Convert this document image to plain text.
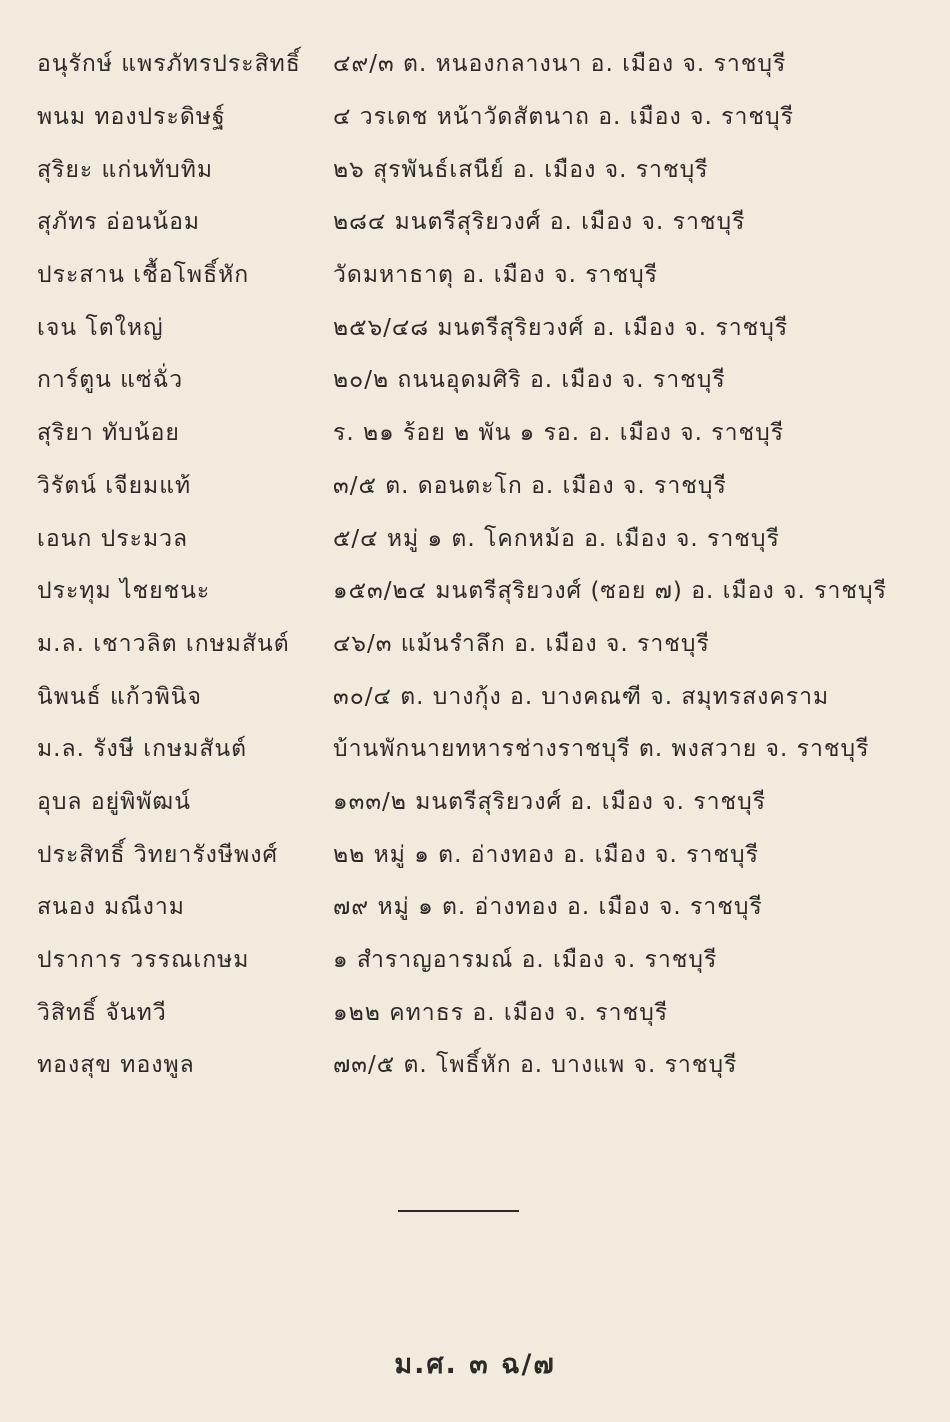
อนุรักษ์ แพรภัทรประสิทธิ์	๔๙/๓ ต. หนองกลางนา อ. เมือง จ. ราชบุรี
พนม ทองประดิษฐ์	๔ วรเดช หน้าวัดสัตนาถ อ. เมือง จ. ราชบุรี
สุริยะ แก่นทับทิม	๒๖ สุรพันธ์เสนีย์ อ. เมือง จ. ราชบุรี
สุภัทร อ่อนน้อม	๒๘๔ มนตรีสุริยวงศ์ อ. เมือง จ. ราชบุรี
ประสาน เชื้อโพธิ์หัก	วัดมหาธาตุ อ. เมือง จ. ราชบุรี
เจน โตใหญ่	๒๕๖/๔๘ มนตรีสุริยวงศ์ อ. เมือง จ. ราชบุรี
การ์ตูน แซ่ฉั่ว	๒๐/๒ ถนนอุดมศิริ อ. เมือง จ. ราชบุรี
สุริยา ทับน้อย	ร. ๒๑ ร้อย ๒ พัน ๑ รอ. อ. เมือง จ. ราชบุรี
วิรัตน์ เจียมแท้	๓/๕ ต. ดอนตะโก อ. เมือง จ. ราชบุรี
เอนก ประมวล	๕/๔ หมู่ ๑ ต. โคกหม้อ อ. เมือง จ. ราชบุรี
ประทุม ไชยชนะ	๑๕๓/๒๔ มนตรีสุริยวงศ์ (ซอย ๗) อ. เมือง จ. ราชบุรี
ม.ล. เชาวลิต เกษมสันต์	๔๖/๓ แม้นรำลึก อ. เมือง จ. ราชบุรี
นิพนธ์ แก้วพินิจ	๓๐/๔ ต. บางกุ้ง อ. บางคณฑี จ. สมุทรสงคราม
ม.ล. รังษี เกษมสันต์	บ้านพักนายทหารช่างราชบุรี ต. พงสวาย จ. ราชบุรี
อุบล อยู่พิพัฒน์	๑๓๓/๒ มนตรีสุริยวงศ์ อ. เมือง จ. ราชบุรี
ประสิทธิ์ วิทยารังษีพงศ์	๒๒ หมู่ ๑ ต. อ่างทอง อ. เมือง จ. ราชบุรี
สนอง มณีงาม	๗๙ หมู่ ๑ ต. อ่างทอง อ. เมือง จ. ราชบุรี
ปราการ วรรณเกษม	๑ สำราญอารมณ์ อ. เมือง จ. ราชบุรี
วิสิทธิ์ จันทวี	๑๒๒ คทาธร อ. เมือง จ. ราชบุรี
ทองสุข ทองพูล	๗๓/๕ ต. โพธิ์หัก อ. บางแพ จ. ราชบุรี
ม.ศ. ๓ ฉ/๗
